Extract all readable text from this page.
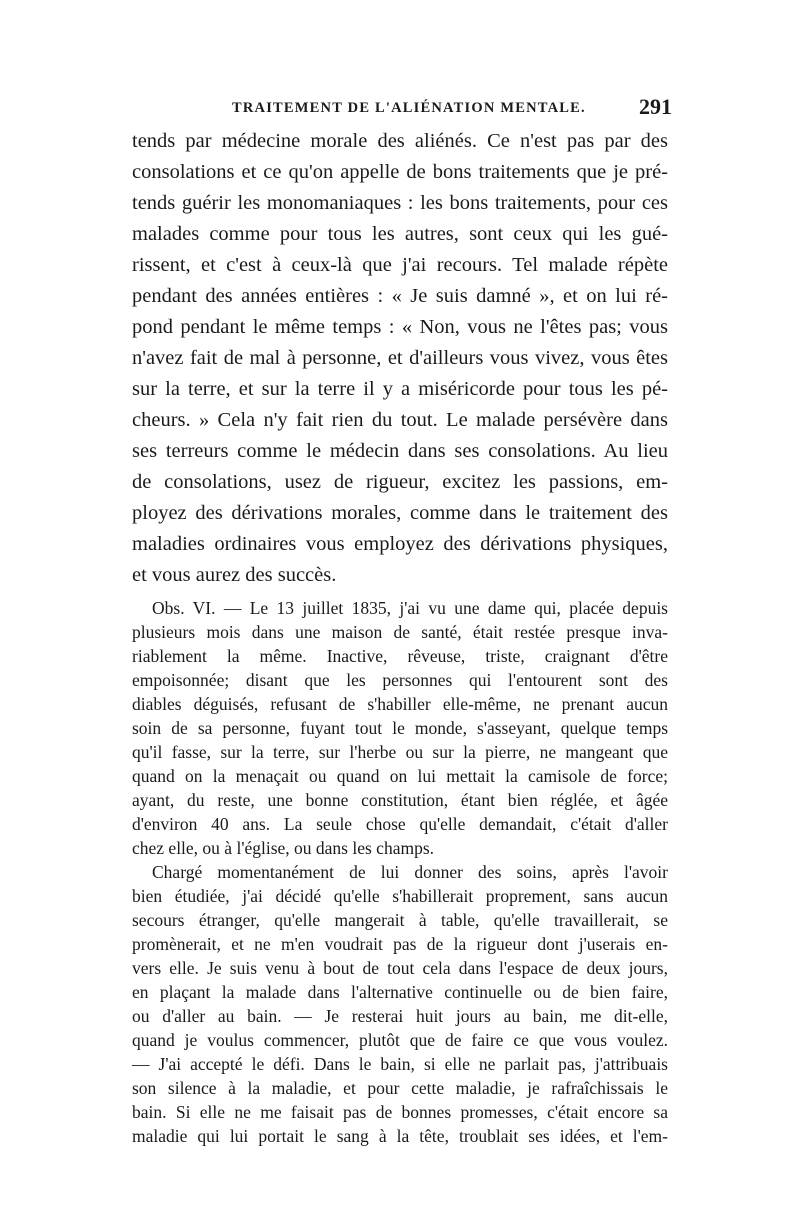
TRAITEMENT DE L'ALIÉNATION MENTALE. 291
tends par médecine morale des aliénés. Ce n'est pas par des
consolations et ce qu'on appelle de bons traitements que je pré-
tends guérir les monomaniaques : les bons traitements, pour ces
malades comme pour tous les autres, sont ceux qui les gué-
rissent, et c'est à ceux-là que j'ai recours. Tel malade répète
pendant des années entières : « Je suis damné », et on lui ré-
pond pendant le même temps : « Non, vous ne l'êtes pas; vous
n'avez fait de mal à personne, et d'ailleurs vous vivez, vous êtes
sur la terre, et sur la terre il y a miséricorde pour tous les pé-
cheurs. » Cela n'y fait rien du tout. Le malade persévère dans
ses terreurs comme le médecin dans ses consolations. Au lieu
de consolations, usez de rigueur, excitez les passions, em-
ployez des dérivations morales, comme dans le traitement des
maladies ordinaires vous employez des dérivations physiques,
et vous aurez des succès.
Obs. VI. — Le 13 juillet 1835, j'ai vu une dame qui, placée depuis
plusieurs mois dans une maison de santé, était restée presque inva-
riablement la même. Inactive, rêveuse, triste, craignant d'être
empoisonnée; disant que les personnes qui l'entourent sont des
diables déguisés, refusant de s'habiller elle-même, ne prenant aucun
soin de sa personne, fuyant tout le monde, s'asseyant, quelque temps
qu'il fasse, sur la terre, sur l'herbe ou sur la pierre, ne mangeant que
quand on la menaçait ou quand on lui mettait la camisole de force;
ayant, du reste, une bonne constitution, étant bien réglée, et âgée
d'environ 40 ans. La seule chose qu'elle demandait, c'était d'aller
chez elle, ou à l'église, ou dans les champs.
Chargé momentanément de lui donner des soins, après l'avoir
bien étudiée, j'ai décidé qu'elle s'habillerait proprement, sans aucun
secours étranger, qu'elle mangerait à table, qu'elle travaillerait, se
promènerait, et ne m'en voudrait pas de la rigueur dont j'userais en-
vers elle. Je suis venu à bout de tout cela dans l'espace de deux jours,
en plaçant la malade dans l'alternative continuelle ou de bien faire,
ou d'aller au bain. — Je resterai huit jours au bain, me dit-elle,
quand je voulus commencer, plutôt que de faire ce que vous voulez.
— J'ai accepté le défi. Dans le bain, si elle ne parlait pas, j'attribuais
son silence à la maladie, et pour cette maladie, je rafraîchissais le
bain. Si elle ne me faisait pas de bonnes promesses, c'était encore sa
maladie qui lui portait le sang à la tête, troublait ses idées, et l'em-
